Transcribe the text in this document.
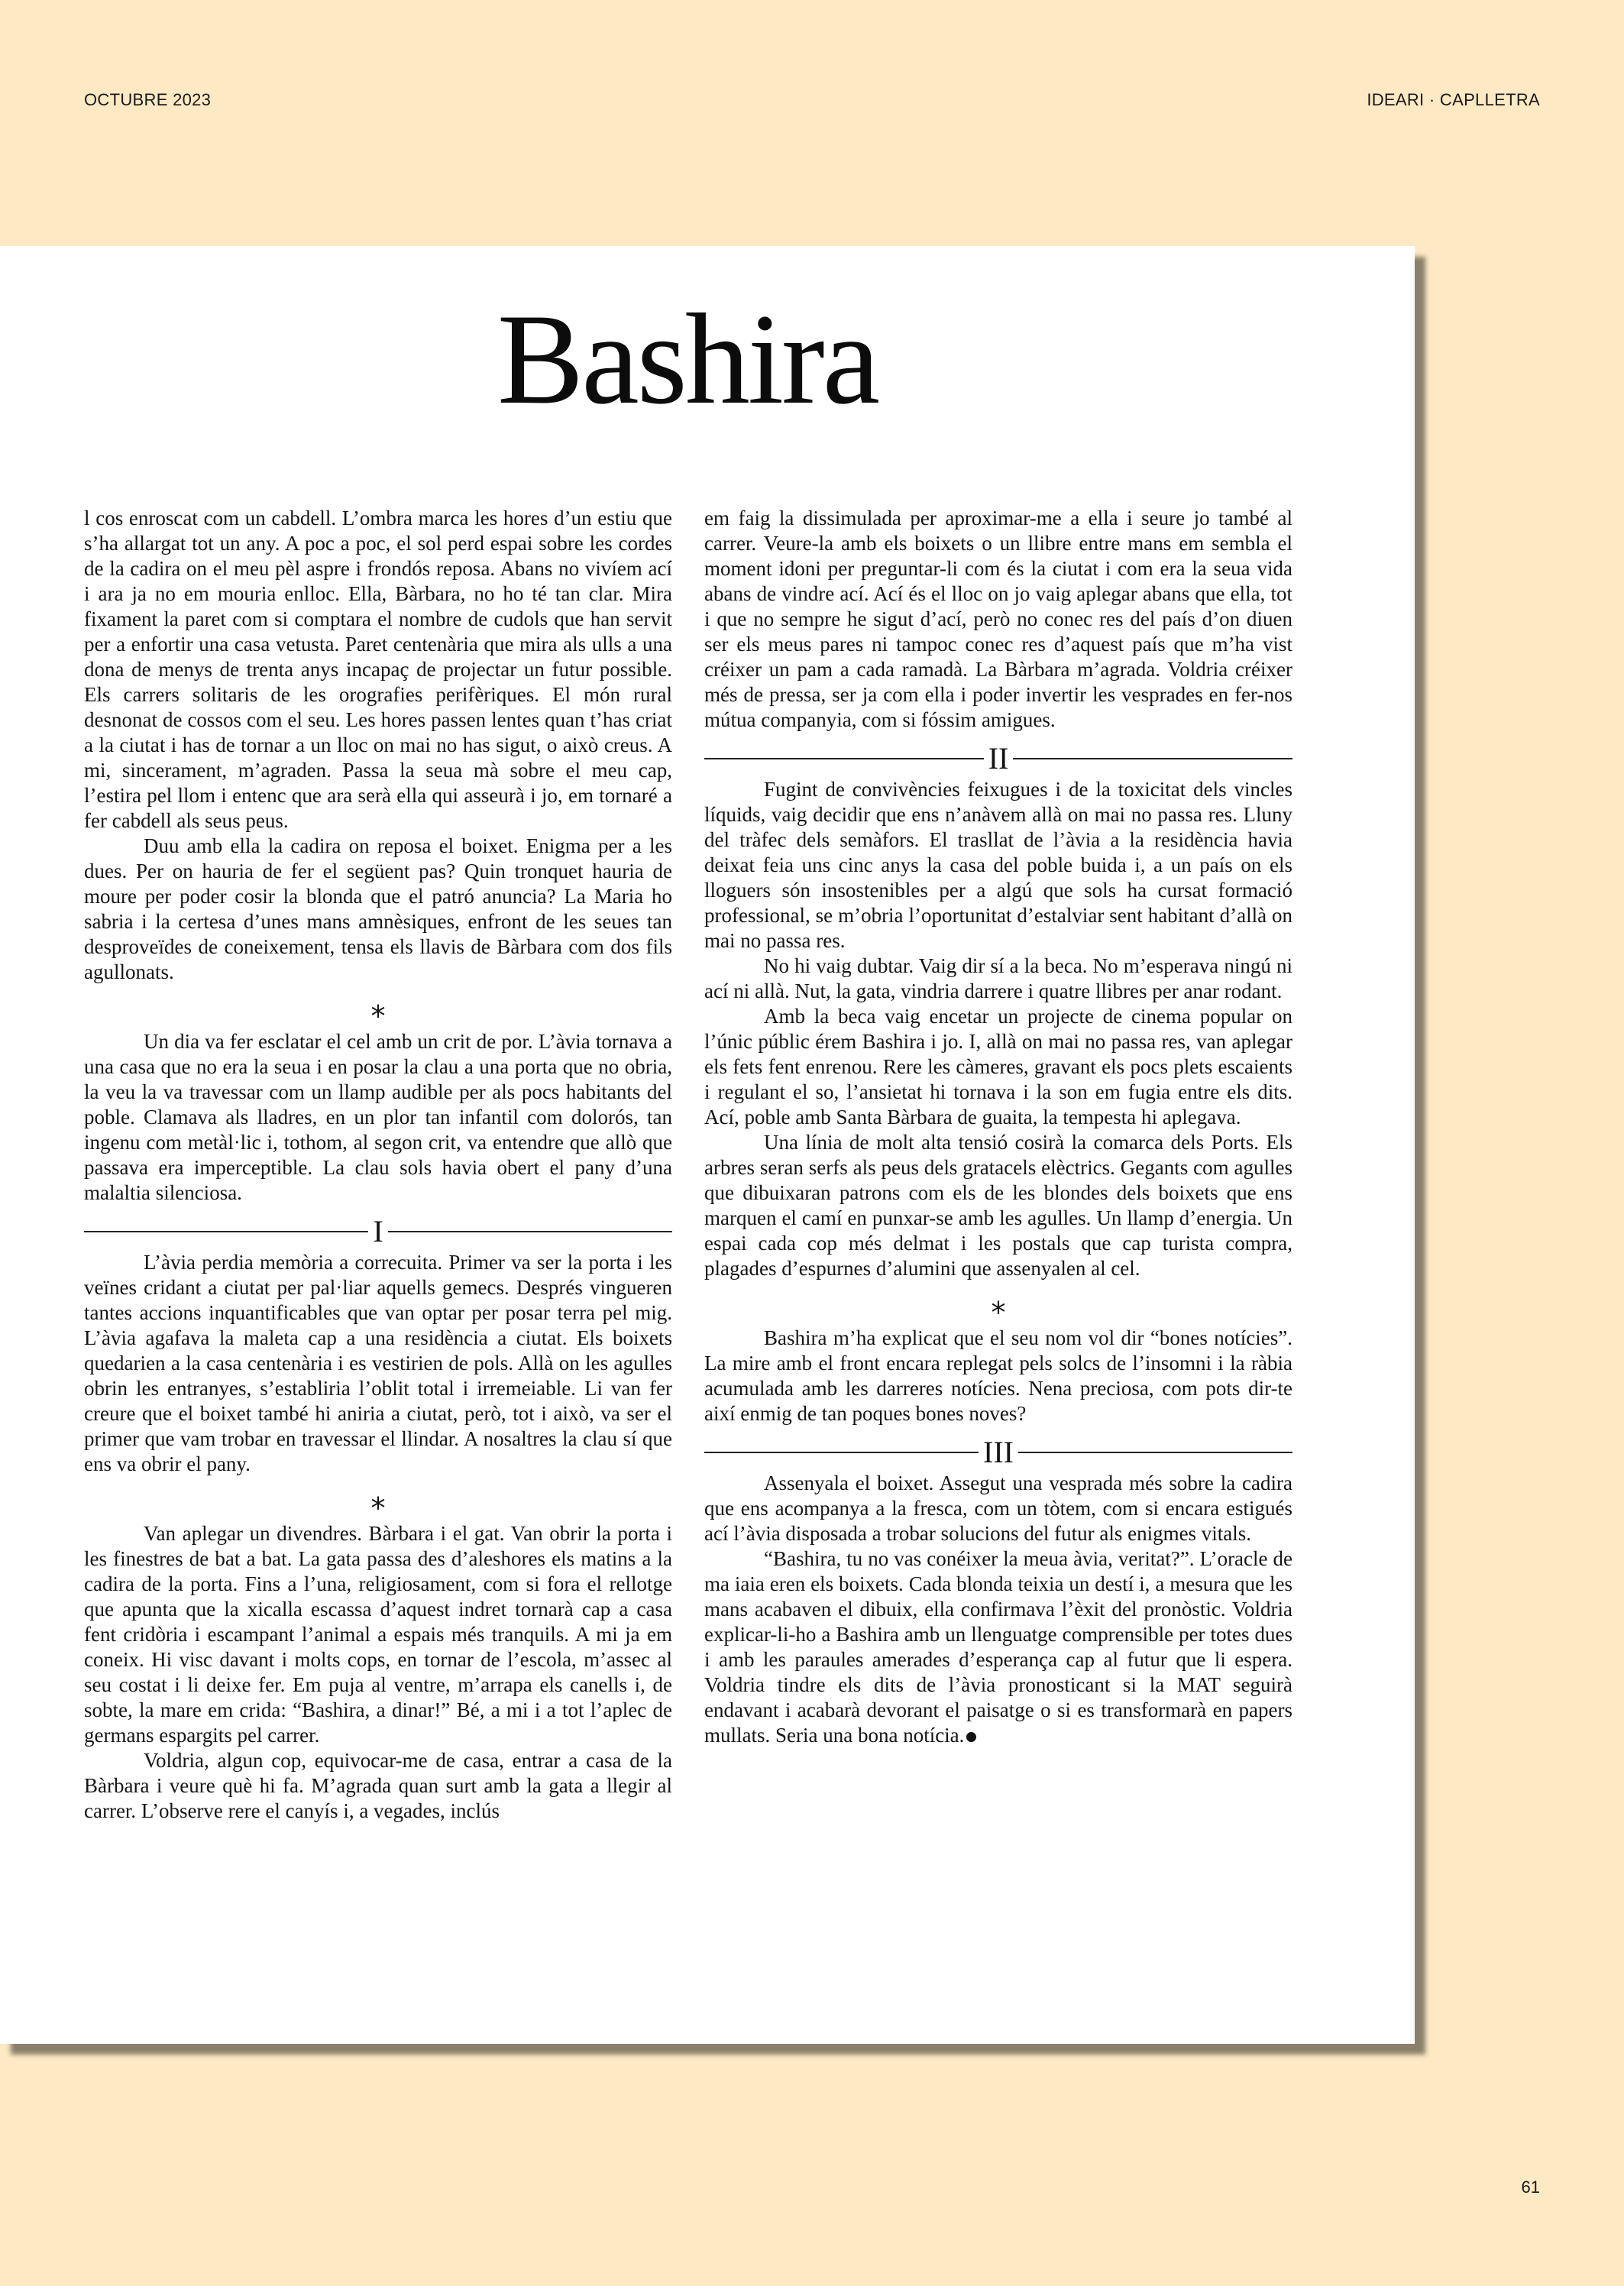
OCTUBRE 2023	IDEARI · CAPLLETRA
Bashira

l cos enroscat com un cabdell. L’ombra marca les hores d’un estiu que s’ha allargat tot un any. A poc a poc, el sol perd espai sobre les cordes de la cadira on el meu pèl aspre i frondós reposa. Abans no vivíem ací i ara ja no em mouria enlloc. Ella, Bàrbara, no ho té tan clar. Mira fixament la paret com si comptara el nombre de cudols que han servit per a enfortir una casa vetusta. Paret centenària que mira als ulls a una dona de menys de trenta anys incapaç de projectar un futur possible. Els carrers solitaris de les orografies perifèriques. El món rural desnonat de cossos com el seu. Les hores passen lentes quan t’has criat a la ciutat i has de tornar a un lloc on mai no has sigut, o això creus. A mi, sincerament, m’agraden. Passa la seua mà sobre el meu cap, l’estira pel llom i entenc que ara serà ella qui asseurà i jo, em tornaré a fer cabdell als seus peus.

Duu amb ella la cadira on reposa el boixet. Enigma per a les dues. Per on hauria de fer el següent pas? Quin tronquet hauria de moure per poder cosir la blonda que el patró anuncia? La Maria ho sabria i la certesa d’unes mans amnèsiques, enfront de les seues tan desproveïdes de coneixement, tensa els llavis de Bàrbara com dos fils agullonats.

*

Un dia va fer esclatar el cel amb un crit de por. L’àvia tornava a una casa que no era la seua i en posar la clau a una porta que no obria, la veu la va travessar com un llamp audible per als pocs habitants del poble. Clamava als lladres, en un plor tan infantil com dolorós, tan ingenu com metàl·lic i, tothom, al segon crit, va entendre que allò que passava era imperceptible. La clau sols havia obert el pany d’una malaltia silenciosa.

I

L’àvia perdia memòria a correcuita. Primer va ser la porta i les veïnes cridant a ciutat per pal·liar aquells gemecs. Després vingueren tantes accions inquantificables que van optar per posar terra pel mig. L’àvia agafava la maleta cap a una residència a ciutat. Els boixets quedarien a la casa centenària i es vestirien de pols. Allà on les agulles obrin les entranyes, s’establiria l’oblit total i irremeiable. Li van fer creure que el boixet també hi aniria a ciutat, però, tot i això, va ser el primer que vam trobar en travessar el llindar. A nosaltres la clau sí que ens va obrir el pany.

*

Van aplegar un divendres. Bàrbara i el gat. Van obrir la porta i les finestres de bat a bat. La gata passa des d’aleshores els matins a la cadira de la porta. Fins a l’una, religiosament, com si fora el rellotge que apunta que la xicalla escassa d’aquest indret tornarà cap a casa fent cridòria i escampant l’animal a espais més tranquils. A mi ja em coneix. Hi visc davant i molts cops, en tornar de l’escola, m’assec al seu costat i li deixe fer. Em puja al ventre, m’arrapa els canells i, de sobte, la mare em crida: “Bashira, a dinar!” Bé, a mi i a tot l’aplec de germans espargits pel carrer.

Voldria, algun cop, equivocar-me de casa, entrar a casa de la Bàrbara i veure què hi fa. M’agrada quan surt amb la gata a llegir al carrer. L’observe rere el canyís i, a vegades, inclús

em faig la dissimulada per aproximar-me a ella i seure jo també al carrer. Veure-la amb els boixets o un llibre entre mans em sembla el moment idoni per preguntar-li com és la ciutat i com era la seua vida abans de vindre ací. Ací és el lloc on jo vaig aplegar abans que ella, tot i que no sempre he sigut d’ací, però no conec res del país d’on diuen ser els meus pares ni tampoc conec res d’aquest país que m’ha vist créixer un pam a cada ramadà. La Bàrbara m’agrada. Voldria créixer més de pressa, ser ja com ella i poder invertir les vesprades en fer-nos mútua companyia, com si fóssim amigues.

II

Fugint de convivències feixugues i de la toxicitat dels vincles líquids, vaig decidir que ens n’anàvem allà on mai no passa res. Lluny del tràfec dels semàfors. El trasllat de l’àvia a la residència havia deixat feia uns cinc anys la casa del poble buida i, a un país on els lloguers són insostenibles per a algú que sols ha cursat formació professional, se m’obria l’oportunitat d’estalviar sent habitant d’allà on mai no passa res.

No hi vaig dubtar. Vaig dir sí a la beca. No m’esperava ningú ni ací ni allà. Nut, la gata, vindria darrere i quatre llibres per anar rodant.

Amb la beca vaig encetar un projecte de cinema popular on l’únic públic érem Bashira i jo. I, allà on mai no passa res, van aplegar els fets fent enrenou. Rere les càmeres, gravant els pocs plets escaients i regulant el so, l’ansietat hi tornava i la son em fugia entre els dits. Ací, poble amb Santa Bàrbara de guaita, la tempesta hi aplegava.

Una línia de molt alta tensió cosirà la comarca dels Ports. Els arbres seran serfs als peus dels gratacels elèctrics. Gegants com agulles que dibuixaran patrons com els de les blondes dels boixets que ens marquen el camí en punxar-se amb les agulles. Un llamp d’energia. Un espai cada cop més delmat i les postals que cap turista compra, plagades d’espurnes d’alumini que assenyalen al cel.

*

Bashira m’ha explicat que el seu nom vol dir “bones notícies”. La mire amb el front encara replegat pels solcs de l’insomni i la ràbia acumulada amb les darreres notícies. Nena preciosa, com pots dir-te així enmig de tan poques bones noves?

III

Assenyala el boixet. Assegut una vesprada més sobre la cadira que ens acompanya a la fresca, com un tòtem, com si encara estigués ací l’àvia disposada a trobar solucions del futur als enigmes vitals.

“Bashira, tu no vas conéixer la meua àvia, veritat?”. L’oracle de ma iaia eren els boixets. Cada blonda teixia un destí i, a mesura que les mans acabaven el dibuix, ella confirmava l’èxit del pronòstic. Voldria explicar-li-ho a Bashira amb un llenguatge comprensible per totes dues i amb les paraules amerades d’esperança cap al futur que li espera. Voldria tindre els dits de l’àvia pronosticant si la MAT seguirà endavant i acabarà devorant el paisatge o si es transformarà en papers mullats. Seria una bona notícia.

61
